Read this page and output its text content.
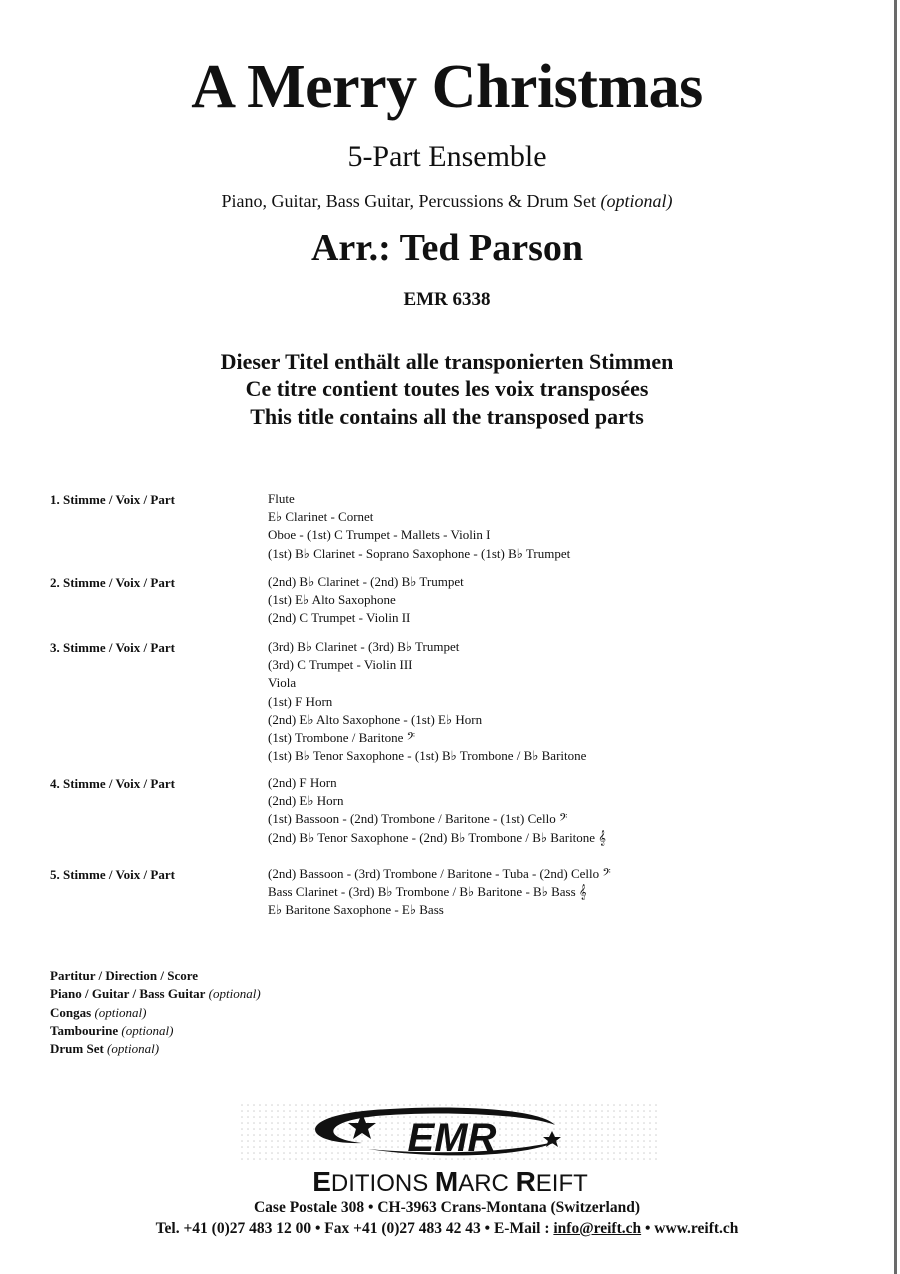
A Merry Christmas
5-Part Ensemble
Piano, Guitar, Bass Guitar, Percussions & Drum Set (optional)
Arr.: Ted Parson
EMR 6338
Dieser Titel enthält alle transponierten Stimmen
Ce titre contient toutes les voix transposées
This title contains all the transposed parts
1. Stimme / Voix / Part	Flute
E♭ Clarinet - Cornet
Oboe - (1st) C Trumpet - Mallets - Violin I
(1st) B♭ Clarinet - Soprano Saxophone - (1st) B♭ Trumpet
2. Stimme / Voix / Part	(2nd) B♭ Clarinet - (2nd) B♭ Trumpet
(1st) E♭ Alto Saxophone
(2nd) C Trumpet - Violin II
3. Stimme / Voix / Part	(3rd) B♭ Clarinet - (3rd) B♭ Trumpet
(3rd) C Trumpet - Violin III
Viola
(1st) F Horn
(2nd) E♭ Alto Saxophone - (1st) E♭ Horn
(1st) Trombone / Baritone 𝄢
(1st) B♭ Tenor Saxophone - (1st) B♭ Trombone / B♭ Baritone
4. Stimme / Voix / Part	(2nd) F Horn
(2nd) E♭ Horn
(1st) Bassoon - (2nd) Trombone / Baritone - (1st) Cello 𝄢
(2nd) B♭ Tenor Saxophone - (2nd) B♭ Trombone / B♭ Baritone 𝄞
5. Stimme / Voix / Part	(2nd) Bassoon - (3rd) Trombone / Baritone - Tuba - (2nd) Cello 𝄢
Bass Clarinet - (3rd) B♭ Trombone / B♭ Baritone - B♭ Bass 𝄞
E♭ Baritone Saxophone - E♭ Bass
Partitur / Direction / Score
Piano / Guitar / Bass Guitar (optional)
Congas (optional)
Tambourine (optional)
Drum Set (optional)
EMR
EDITIONS MARC REIFT
Case Postale 308 • CH-3963 Crans-Montana (Switzerland)
Tel. +41 (0)27 483 12 00 • Fax +41 (0)27 483 42 43 • E-Mail : info@reift.ch • www.reift.ch
